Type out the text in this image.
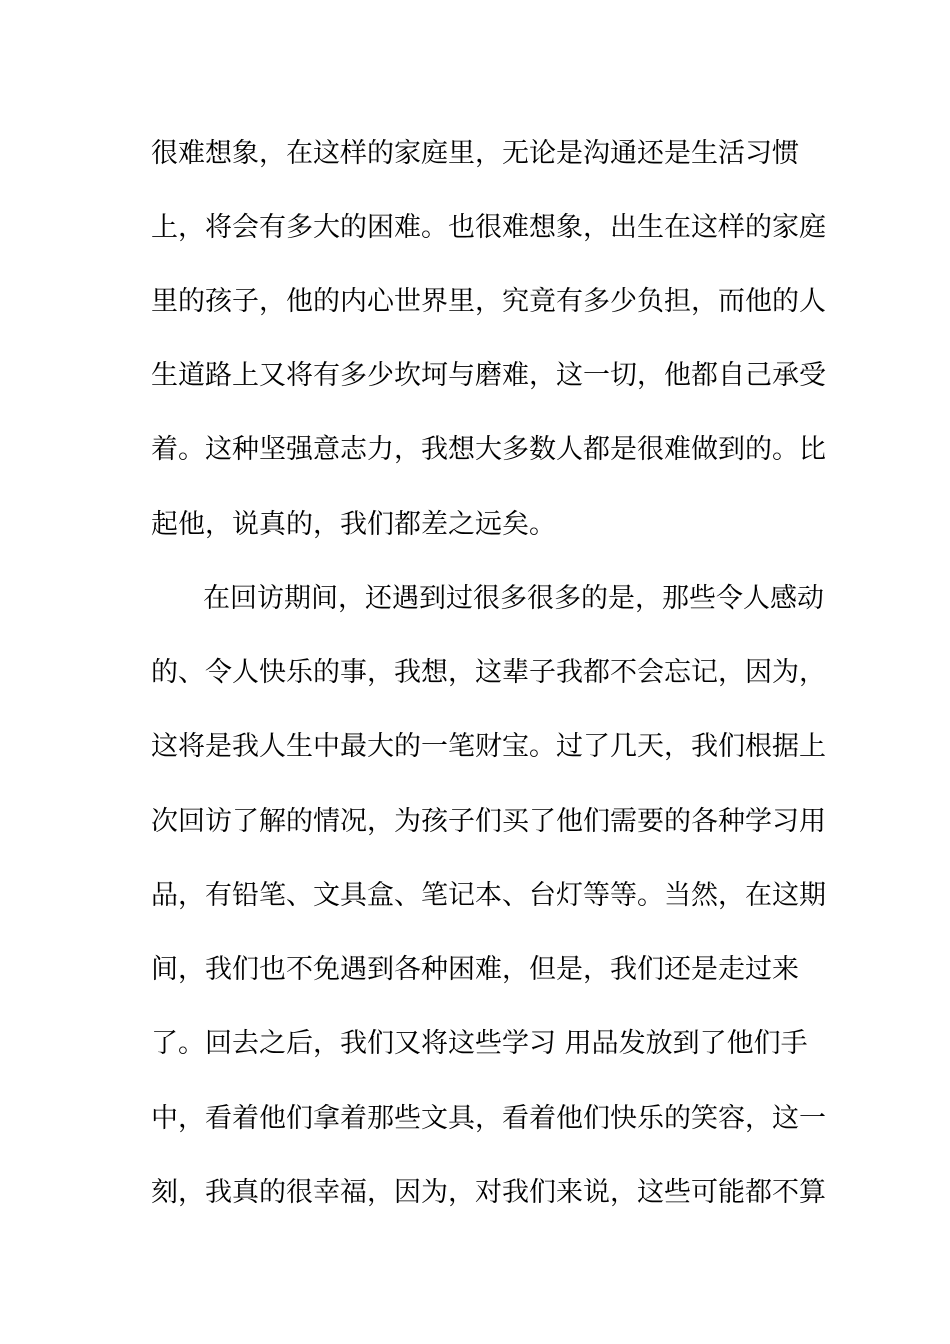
很难想象，在这样的家庭里，无论是沟通还是生活习惯
上，将会有多大的困难。也很难想象，出生在这样的家庭
里的孩子，他的内心世界里，究竟有多少负担，而他的人
生道路上又将有多少坎坷与磨难，这一切，他都自己承受
着。这种坚强意志力，我想大多数人都是很难做到的。比
起他，说真的，我们都差之远矣。
在回访期间，还遇到过很多很多的是，那些令人感动
的、令人快乐的事，我想，这辈子我都不会忘记，因为，
这将是我人生中最大的一笔财宝。过了几天，我们根据上
次回访了解的情况，为孩子们买了他们需要的各种学习用
品，有铅笔、文具盒、笔记本、台灯等等。当然，在这期
间，我们也不免遇到各种困难，但是，我们还是走过来
了。回去之后，我们又将这些学习 用品发放到了他们手
中，看着他们拿着那些文具，看着他们快乐的笑容，这一
刻，我真的很幸福，因为，对我们来说，这些可能都不算
